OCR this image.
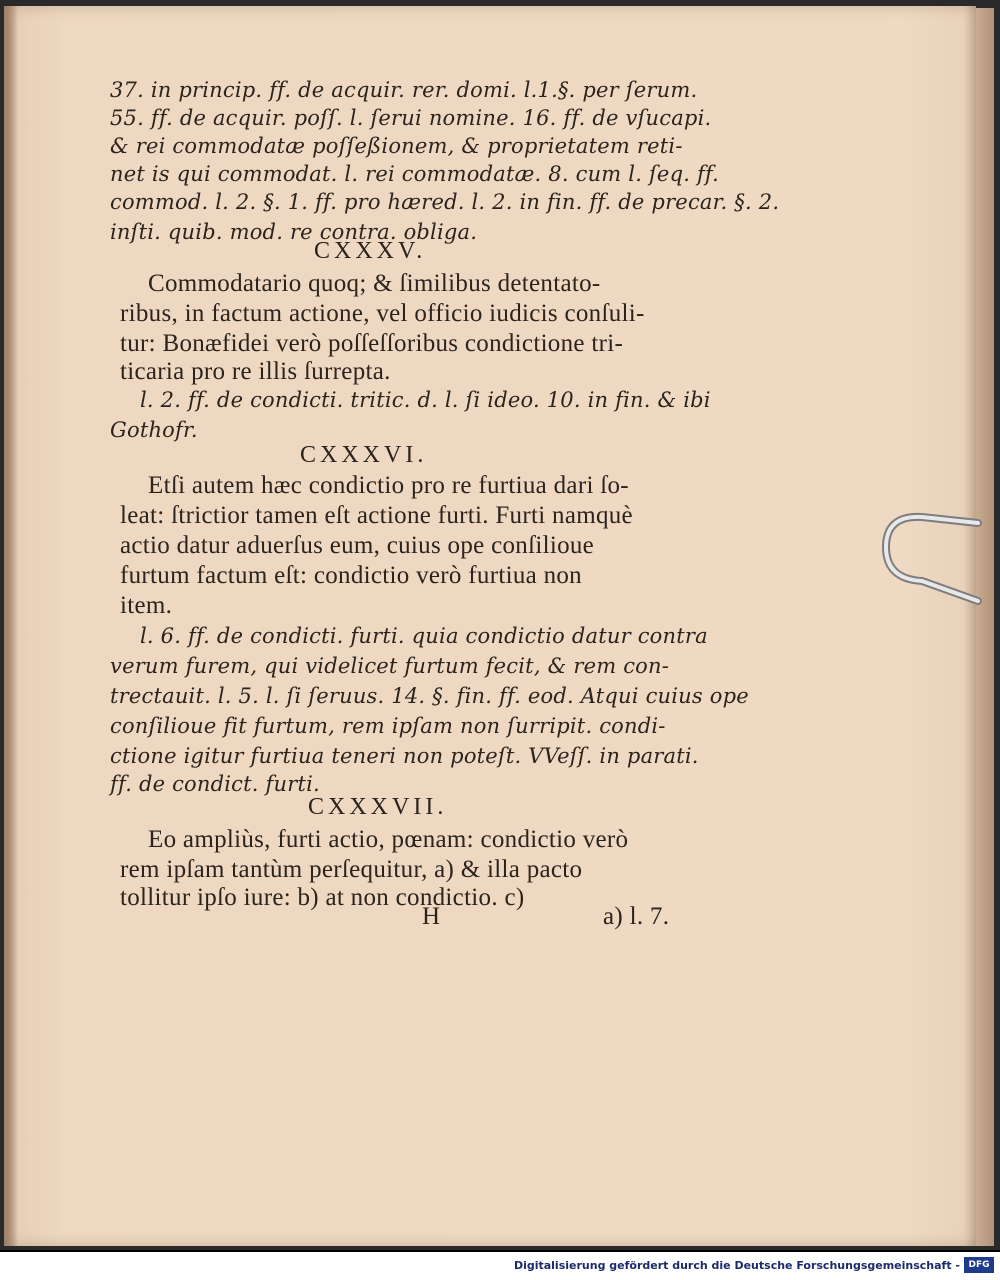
37. in princip. ff. de acquir. rer. domi. l.1.§. per ſerum.
55. ff. de acquir. poſſ. l. ſerui nomine. 16. ff. de vſucapi.
& rei commodatæ poſſeßionem, & proprietatem reti-
net is qui commodat. l. rei commodatæ. 8. cum l. ſeq. ff.
commod. l. 2. §. 1. ff. pro hæred. l. 2. in fin. ff. de precar. §. 2.
inſti. quib. mod. re contra. obliga.
CXXXV.
Commodatario quoq; & ſimilibus detentato-
ribus, in factum actione, vel officio iudicis conſuli-
tur: Bonæfidei verò poſſeſſoribus condictione tri-
ticaria pro re illis ſurrepta.
l. 2. ff. de condicti. tritic. d. l. ſi ideo. 10. in fin. & ibi
Gothofr.
CXXXVI.
Etſi autem hæc condictio pro re furtiua dari ſo-
leat: ſtrictior tamen eſt actione furti. Furti namquè
actio datur aduerſus eum, cuius ope conſilioue
furtum factum eſt: condictio verò furtiua non
item.
l. 6. ff. de condicti. furti. quia condictio datur contra
verum furem, qui videlicet furtum fecit, & rem con-
trectauit. l. 5. l. ſi ſeruus. 14. §. fin. ff. eod. Atqui cuius ope
conſilioue fit furtum, rem ipſam non ſurripit. condi-
ctione igitur furtiua teneri non poteſt. VVeſſ. in parati.
ff. de condict. furti.
CXXXVII.
Eo ampliùs, furti actio, pœnam: condictio verò
rem ipſam tantùm perſequitur, a) & illa pacto
tollitur ipſo iure: b) at non condictio. c)
H	a) l. 7.
Digitalisierung gefördert durch die Deutsche Forschungsgemeinschaft - DFG
